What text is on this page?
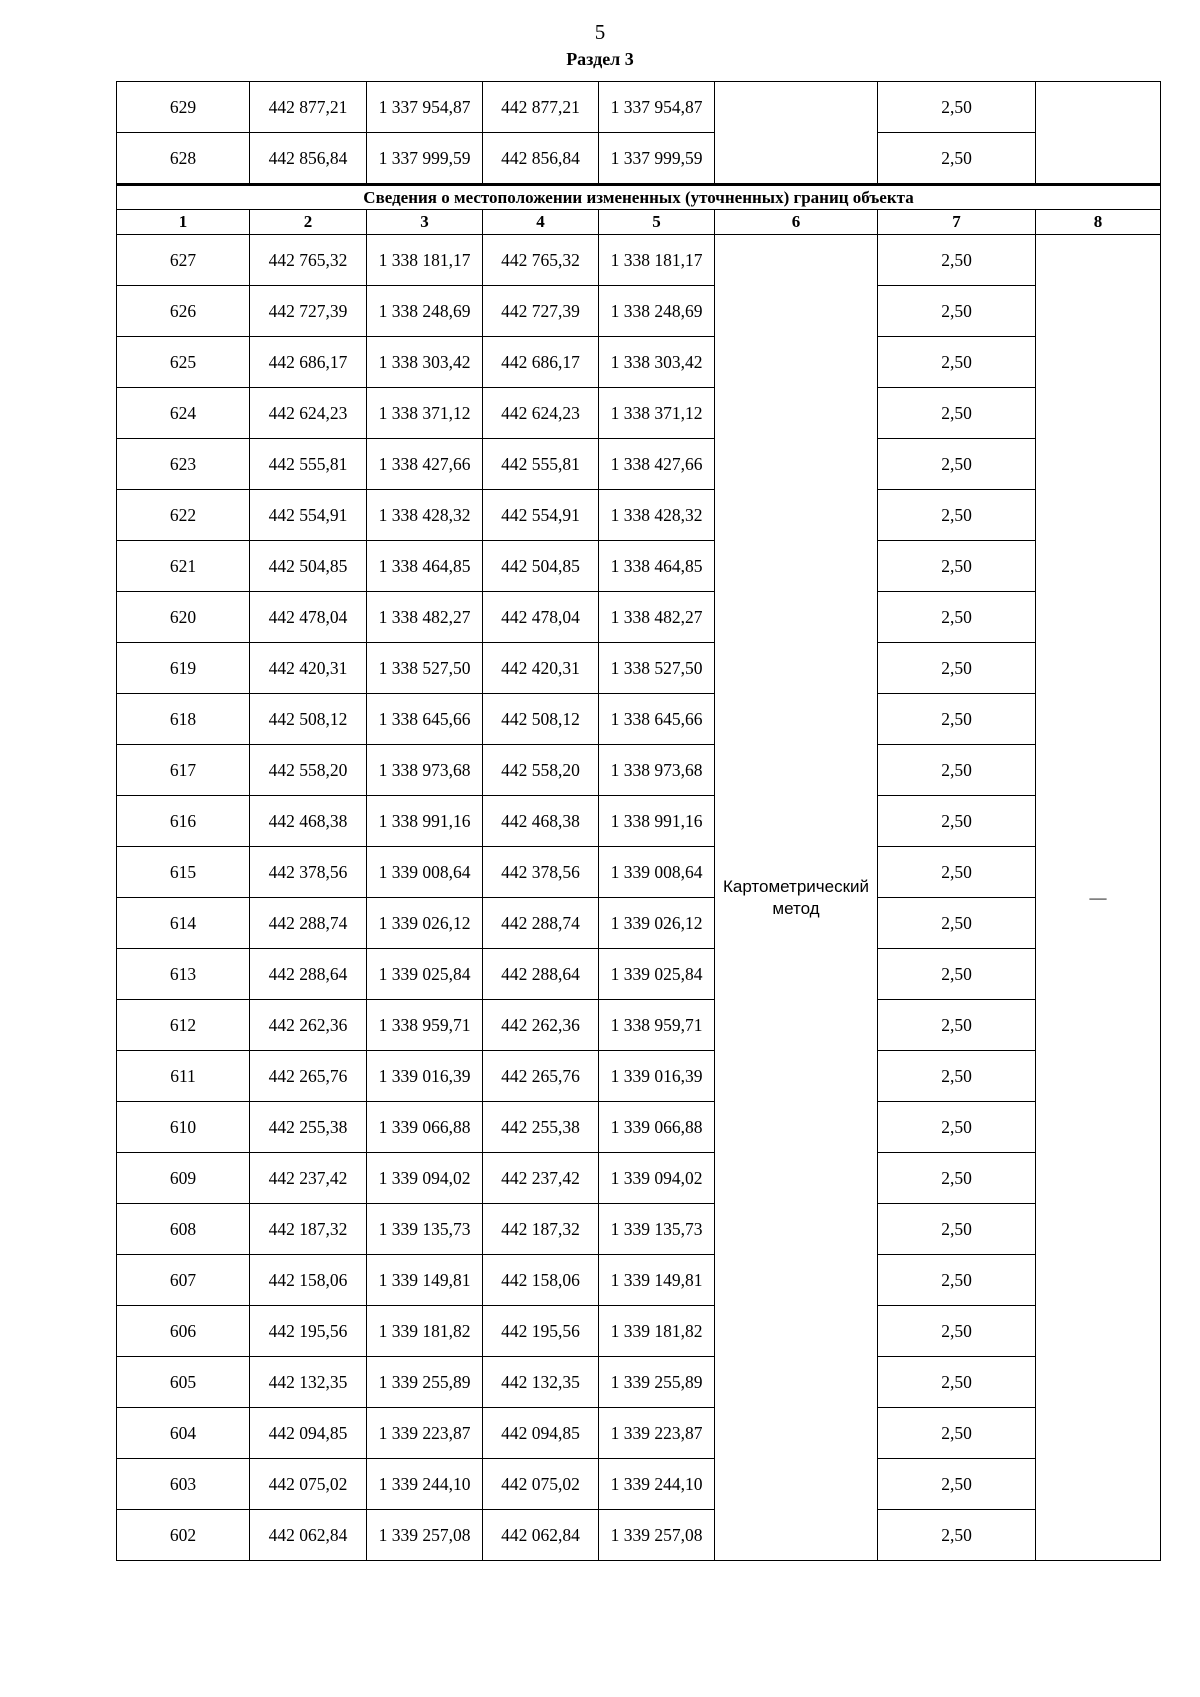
5
Раздел 3
629	442 877,21	1 337 954,87	442 877,21	1 337 954,87		2,50	
628	442 856,84	1 337 999,59	442 856,84	1 337 999,59		2,50	
Сведения о местоположении измененных (уточненных) границ объекта							
1	2	3	4	5	6	7	8
627	442 765,32	1 338 181,17	442 765,32	1 338 181,17	Картометрический метод	2,50	—
626	442 727,39	1 338 248,69	442 727,39	1 338 248,69		2,50	
625	442 686,17	1 338 303,42	442 686,17	1 338 303,42		2,50	
624	442 624,23	1 338 371,12	442 624,23	1 338 371,12		2,50	
623	442 555,81	1 338 427,66	442 555,81	1 338 427,66		2,50	
622	442 554,91	1 338 428,32	442 554,91	1 338 428,32		2,50	
621	442 504,85	1 338 464,85	442 504,85	1 338 464,85		2,50	
620	442 478,04	1 338 482,27	442 478,04	1 338 482,27		2,50	
619	442 420,31	1 338 527,50	442 420,31	1 338 527,50		2,50	
618	442 508,12	1 338 645,66	442 508,12	1 338 645,66		2,50	
617	442 558,20	1 338 973,68	442 558,20	1 338 973,68		2,50	
616	442 468,38	1 338 991,16	442 468,38	1 338 991,16		2,50	
615	442 378,56	1 339 008,64	442 378,56	1 339 008,64		2,50	
614	442 288,74	1 339 026,12	442 288,74	1 339 026,12		2,50	
613	442 288,64	1 339 025,84	442 288,64	1 339 025,84		2,50	
612	442 262,36	1 338 959,71	442 262,36	1 338 959,71		2,50	
611	442 265,76	1 339 016,39	442 265,76	1 339 016,39		2,50	
610	442 255,38	1 339 066,88	442 255,38	1 339 066,88		2,50	
609	442 237,42	1 339 094,02	442 237,42	1 339 094,02		2,50	
608	442 187,32	1 339 135,73	442 187,32	1 339 135,73		2,50	
607	442 158,06	1 339 149,81	442 158,06	1 339 149,81		2,50	
606	442 195,56	1 339 181,82	442 195,56	1 339 181,82		2,50	
605	442 132,35	1 339 255,89	442 132,35	1 339 255,89		2,50	
604	442 094,85	1 339 223,87	442 094,85	1 339 223,87		2,50	
603	442 075,02	1 339 244,10	442 075,02	1 339 244,10		2,50	
602	442 062,84	1 339 257,08	442 062,84	1 339 257,08		2,50	
